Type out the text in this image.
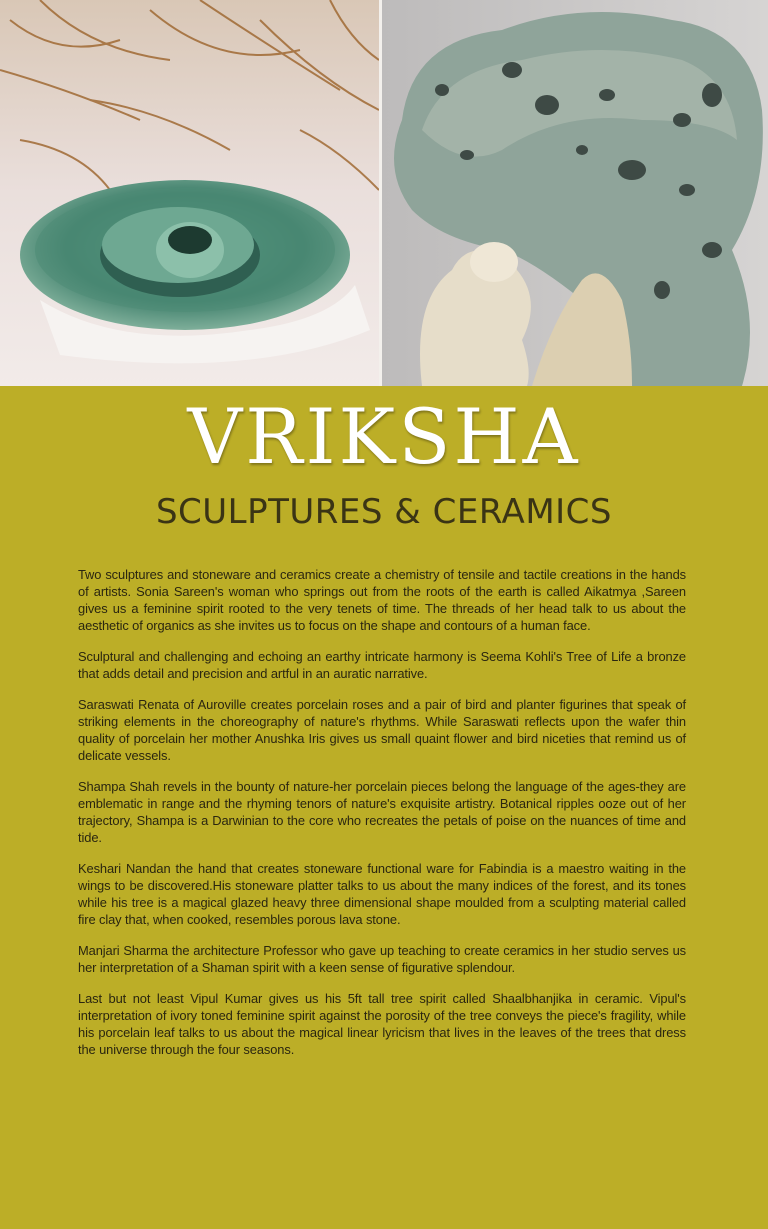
VRIKSHA
SCULPTURES & CERAMICS

Two sculptures and stoneware and ceramics create a chemistry of tensile and tactile creations in the hands of artists. Sonia Sareen's woman who springs out from the roots of the earth is called Aikatmya ,Sareen gives us a feminine spirit rooted to the very tenets of time. The threads of her head talk to us about the aesthetic of organics as she invites us to focus on the shape and contours of a human face.

Sculptural and challenging and echoing an earthy intricate harmony is Seema Kohli's Tree of Life a bronze that adds detail and precision and artful in an auratic narrative.

Saraswati Renata of Auroville creates porcelain roses and a pair of bird and planter figurines that speak of striking elements in the choreography of nature's rhythms. While Saraswati reflects upon the wafer thin quality of porcelain her mother Anushka Iris gives us small quaint flower and bird niceties that remind us of delicate vessels.

Shampa Shah revels in the bounty of nature-her porcelain pieces belong the language of the ages-they are emblematic in range and the rhyming tenors of nature's exquisite artistry. Botanical ripples ooze out of her trajectory, Shampa is a Darwinian to the core who recreates the petals of poise on the nuances of time and tide.

Keshari Nandan the hand that creates stoneware functional ware for Fabindia is a maestro waiting in the wings to be discovered.His stoneware platter talks to us about the many indices of the forest, and its tones while his tree is a magical glazed heavy three dimensional shape moulded from a sculpting material called fire clay that, when cooked, resembles porous lava stone.

Manjari Sharma the architecture Professor who gave up teaching to create ceramics in her studio serves us her interpretation of a Shaman spirit with a keen sense of figurative splendour.

Last but not least Vipul Kumar gives us his 5ft tall tree spirit called Shaalbhanjika in ceramic. Vipul's interpretation of ivory toned feminine spirit against the porosity of the tree conveys the piece's fragility, while his porcelain leaf talks to us about the magical linear lyricism that lives in the leaves of the trees that dress the universe through the four seasons.
